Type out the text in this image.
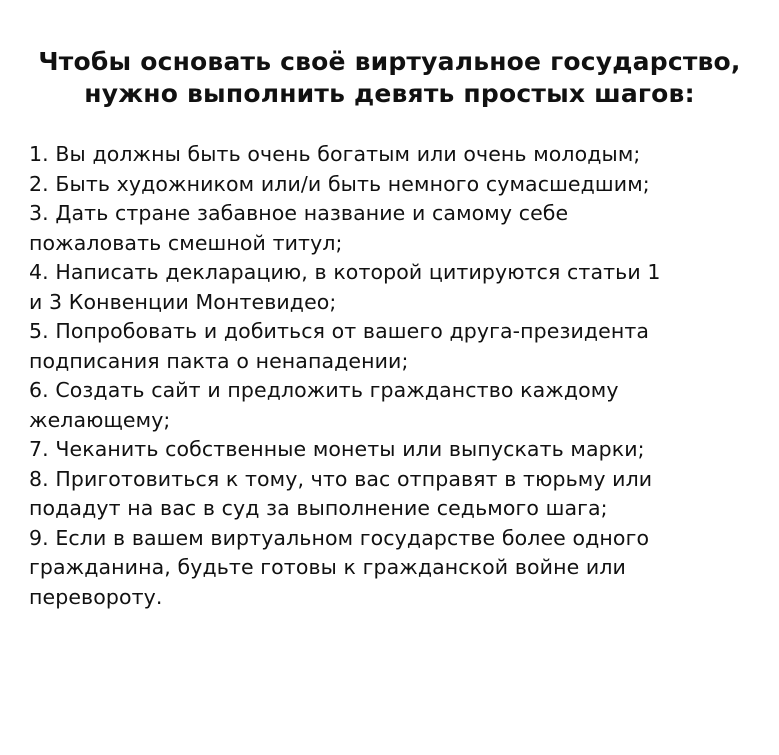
Чтобы основать своё виртуальное государство,
нужно выполнить девять простых шагов:
1. Вы должны быть очень богатым или очень молодым;
2. Быть художником или/и быть немного сумасшедшим;
3. Дать стране забавное название и самому себе
пожаловать смешной титул;
4. Написать декларацию, в которой цитируются статьи 1
и 3 Конвенции Монтевидео;
5. Попробовать и добиться от вашего друга-президента
подписания пакта о ненападении;
6. Создать сайт и предложить гражданство каждому
желающему;
7. Чеканить собственные монеты или выпускать марки;
8. Приготовиться к тому, что вас отправят в тюрьму или
подадут на вас в суд за выполнение седьмого шага;
9. Если в вашем виртуальном государстве более одного
гражданина, будьте готовы к гражданской войне или
перевороту.
